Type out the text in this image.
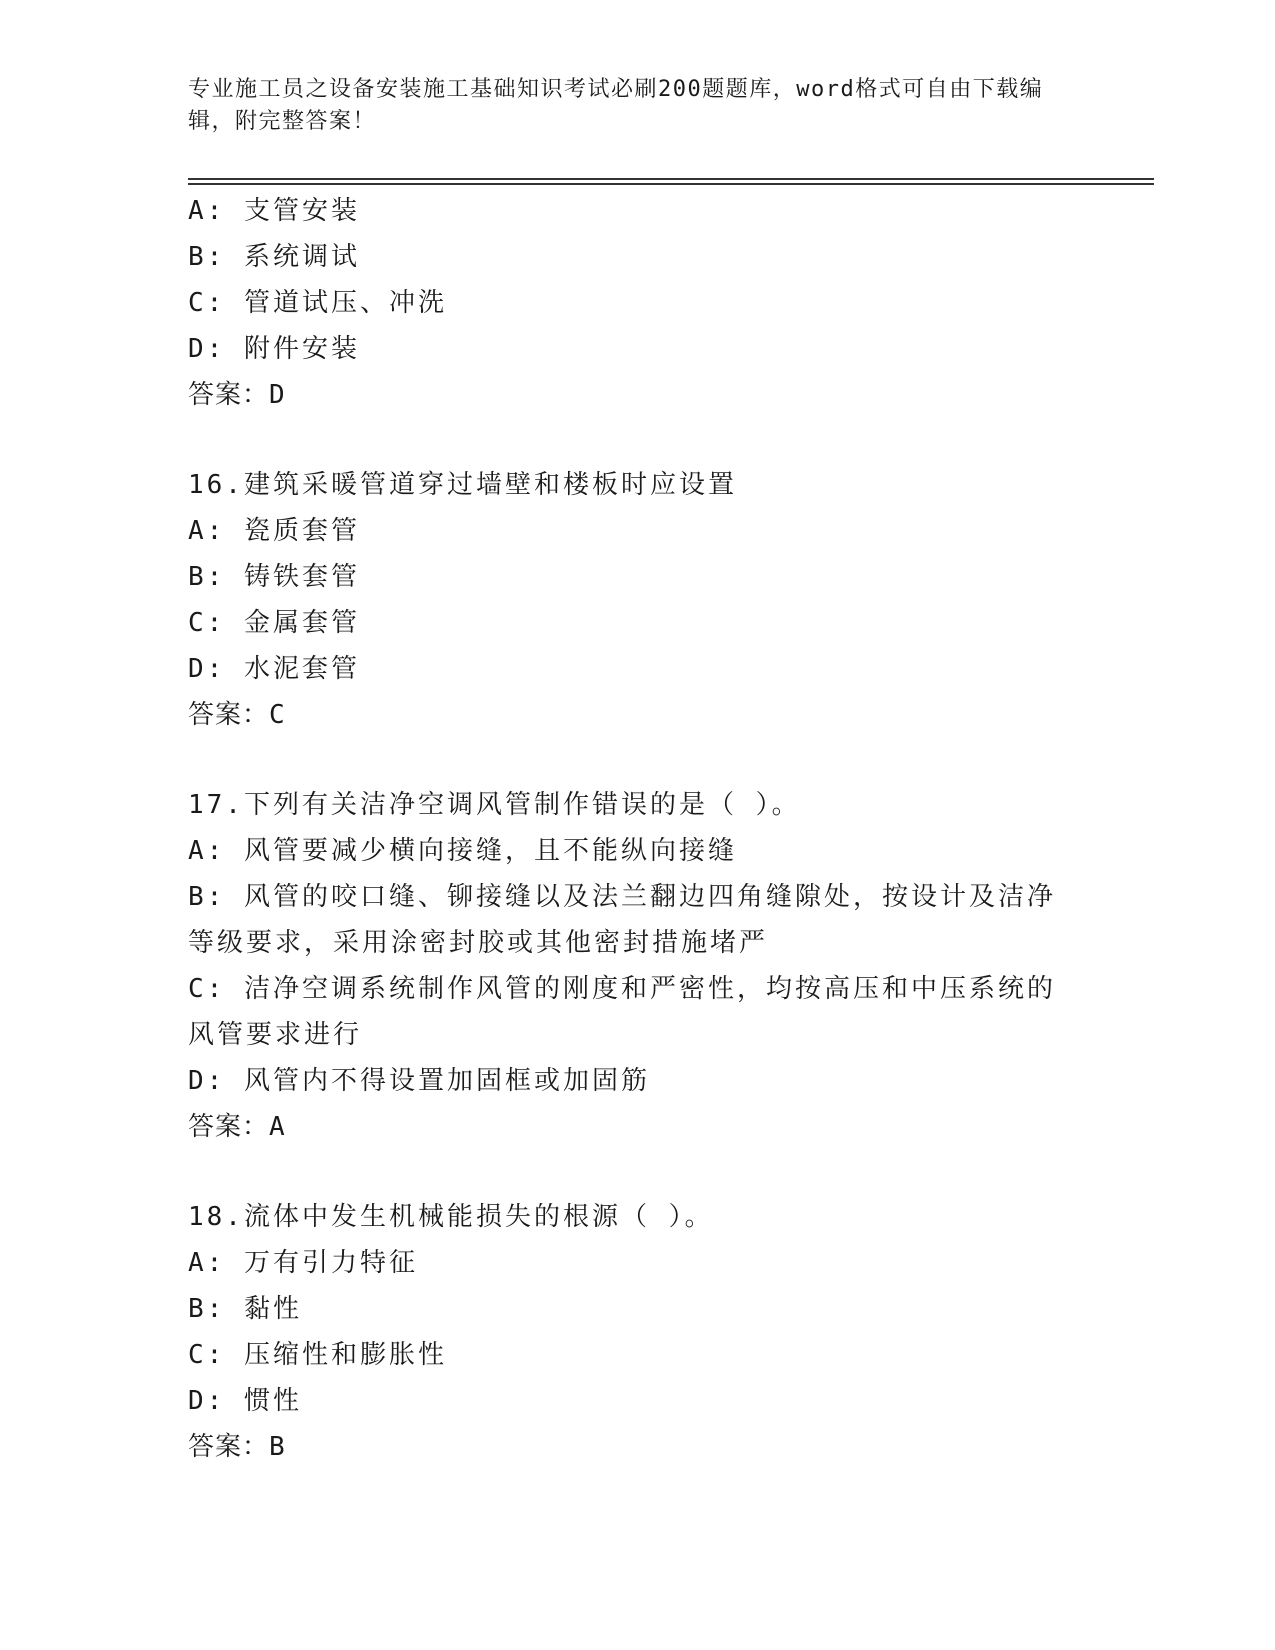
专业施工员之设备安装施工基础知识考试必刷200题题库，word格式可自由下载编辑，附完整答案！
A: 支管安装
B: 系统调试
C: 管道试压、冲洗
D: 附件安装
答案：D
16.建筑采暖管道穿过墙壁和楼板时应设置
A: 瓷质套管
B: 铸铁套管
C: 金属套管
D: 水泥套管
答案：C
17.下列有关洁净空调风管制作错误的是（ ）。
A: 风管要减少横向接缝，且不能纵向接缝
B: 风管的咬口缝、铆接缝以及法兰翻边四角缝隙处，按设计及洁净等级要求，采用涂密封胶或其他密封措施堵严
C: 洁净空调系统制作风管的刚度和严密性，均按高压和中压系统的风管要求进行
D: 风管内不得设置加固框或加固筋
答案：A
18.流体中发生机械能损失的根源（ ）。
A: 万有引力特征
B: 黏性
C: 压缩性和膨胀性
D: 惯性
答案：B
